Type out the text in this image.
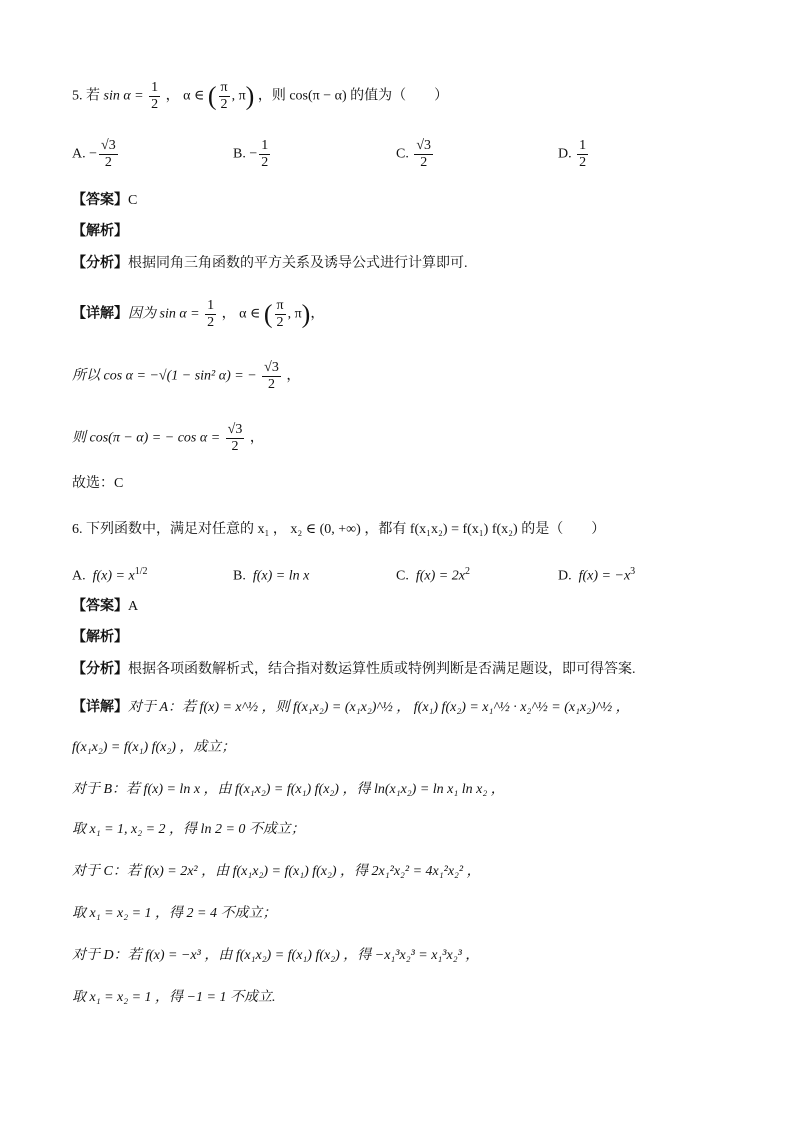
5. 若 $\sin \alpha = \frac{1}{2}$ ， α ∈ ( $\frac{\pi}{2}$ , π) ，则 cos(π − α) 的值为（　　）
A. − $\frac{√3}{2}$	B. − $\frac{1}{2}$	C. $\frac{√3}{2}$	D. $\frac{1}{2}$
【答案】C
【解析】
【分析】根据同角三角函数的平方关系及诱导公式进行计算即可.
【详解】因为 $\sin \alpha = \frac{1}{2}$ ， α ∈ ( $\frac{\pi}{2}$ , π)，
所以 cos α = −√(1 − sin² α) = − $\frac{√3}{2}$ ，
则 cos(π − α) = − $\cos \alpha = \frac{√3}{2}$ ，
故选：C
6. 下列函数中，满足对任意的 x₁ ， x₂ ∈ (0, +∞) ，都有 f(x₁x₂) = f(x₁) f(x₂) 的是（　　）
A. $f(x) = x^{1/2}$	B. f(x) = ln x	C. $f(x) = 2x^2$	D. $f(x) = -x^3$
【答案】A
【解析】
【分析】根据各项函数解析式，结合指对数运算性质或特例判断是否满足题设，即可得答案.
【详解】对于 A：若 f(x) = x^½ ，则 f(x₁x₂) = (x₁x₂)^½ ， f(x₁) f(x₂) = x₁^½ · x₂^½ = (x₁x₂)^½ ，
f(x₁x₂) = f(x₁) f(x₂) ，成立；
对于 B：若 f(x) = ln x ，由 f(x₁x₂) = f(x₁) f(x₂) ，得 ln(x₁x₂) = ln x₁ ln x₂ ，
取 x₁ = 1, x₂ = 2 ，得 ln 2 = 0 不成立；
对于 C：若 f(x) = 2x² ，由 f(x₁x₂) = f(x₁) f(x₂) ，得 2x₁²x₂² = 4x₁²x₂² ，
取 x₁ = x₂ = 1 ，得 2 = 4 不成立；
对于 D：若 f(x) = −x³ ，由 f(x₁x₂) = f(x₁) f(x₂) ，得 −x₁³x₂³ = x₁³x₂³ ，
取 x₁ = x₂ = 1 ，得 −1 = 1 不成立.
